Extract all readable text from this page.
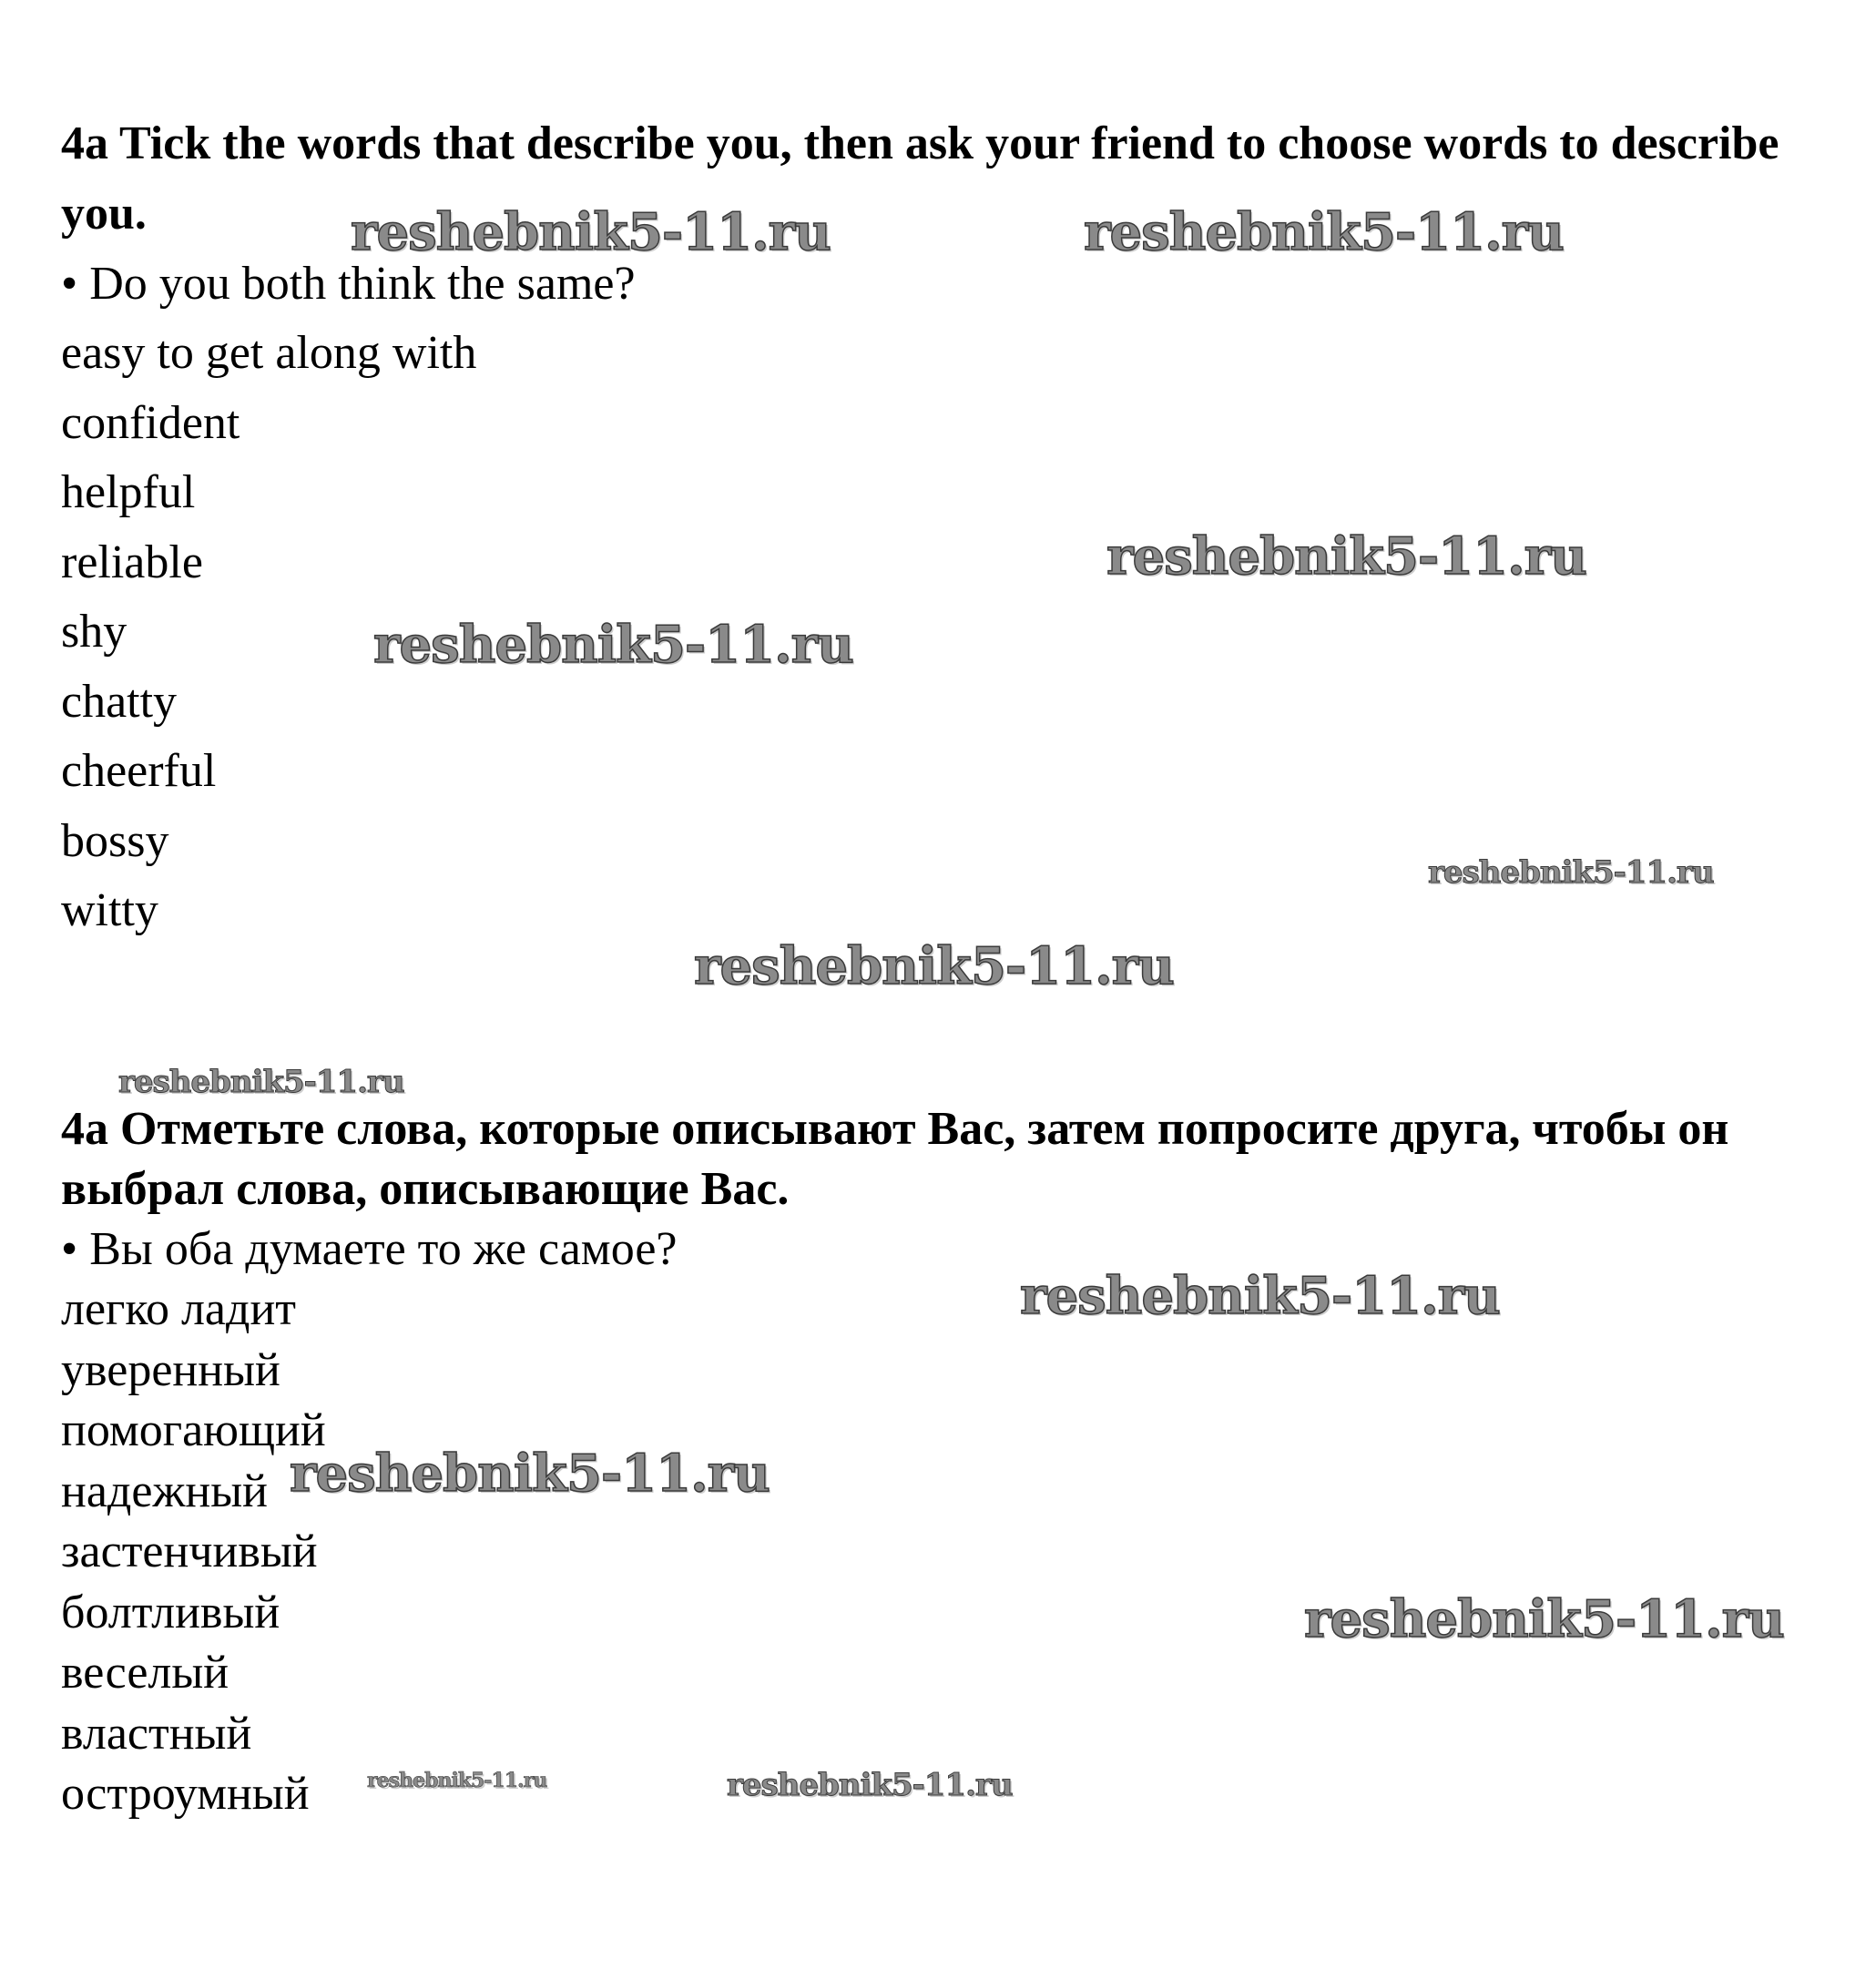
4a Tick the words that describe you, then ask your friend to choose words to describe you.

• Do you both think the same?

easy to get along with
confident
helpful
reliable
shy
chatty
cheerful
bossy
witty

4a Отметьте слова, которые описывают Вас, затем попросите друга, чтобы он выбрал слова, описывающие Вас.

• Вы оба думаете то же самое?

легко ладит
уверенный
помогающий
надежный
застенчивый
болтливый
веселый
властный
остроумный
reshebnik5-11.ru	reshebnik5-11.ru
reshebnik5-11.ru
reshebnik5-11.ru
reshebnik5-11.ru
reshebnik5-11.ru
reshebnik5-11.ru
reshebnik5-11.ru
reshebnik5-11.ru
reshebnik5-11.ru
reshebnik5-11.ru	reshebnik5-11.ru
